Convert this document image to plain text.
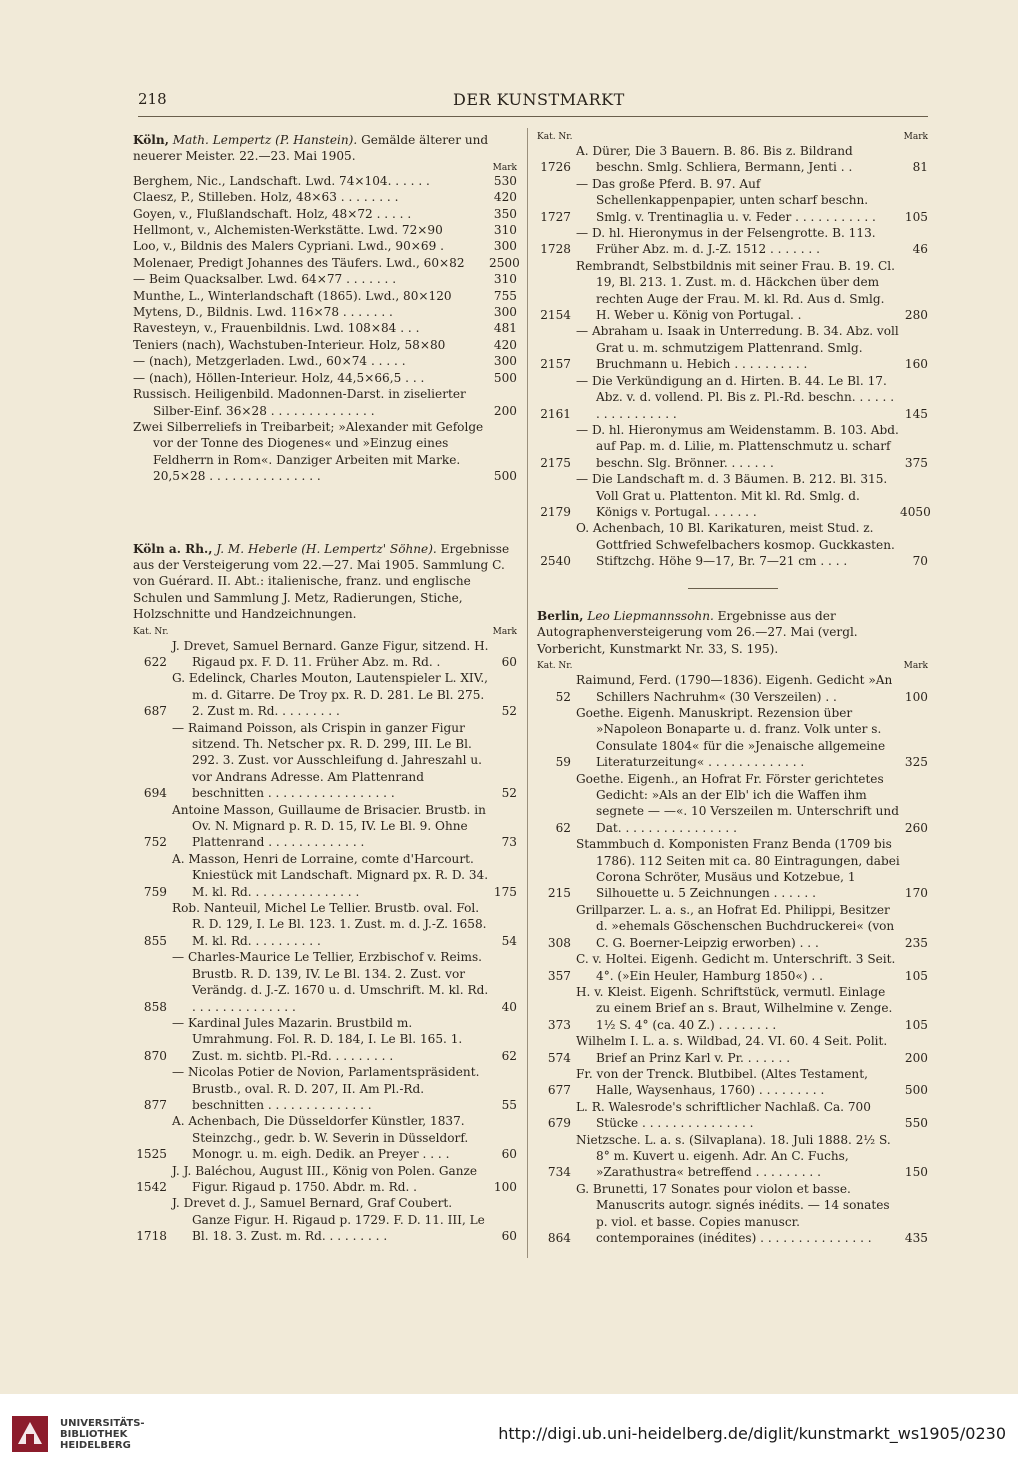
218	DER KUNSTMARKT
Köln, Math. Lempertz (P. Hanstein). Gemälde älterer und neuerer Meister. 22.—23. Mai 1905.
Mark
Berghem, Nic., Landschaft. Lwd. 74×104. . . . . .	530
Claesz, P., Stilleben. Holz, 48×63 . . . . . . . .	420
Goyen, v., Flußlandschaft. Holz, 48×72 . . . . .	350
Hellmont, v., Alchemisten-Werkstätte. Lwd. 72×90	310
Loo, v., Bildnis des Malers Cypriani. Lwd., 90×69 .	300
Molenaer, Predigt Johannes des Täufers. Lwd., 60×82	2500
— Beim Quacksalber. Lwd. 64×77 . . . . . . .	310
Munthe, L., Winterlandschaft (1865). Lwd., 80×120	755
Mytens, D., Bildnis. Lwd. 116×78 . . . . . . .	300
Ravesteyn, v., Frauenbildnis. Lwd. 108×84 . . .	481
Teniers (nach), Wachstuben-Interieur. Holz, 58×80	420
— (nach), Metzgerladen. Lwd., 60×74 . . . . .	300
— (nach), Höllen-Interieur. Holz, 44,5×66,5 . . .	500
Russisch. Heiligenbild. Madonnen-Darst. in ziselierter Silber-Einf. 36×28 . . . . . . . . . . . . . .	200
Zwei Silberreliefs in Treibarbeit; »Alexander mit Gefolge vor der Tonne des Diogenes« und »Einzug eines Feldherrn in Rom«. Danziger Arbeiten mit Marke. 20,5×28 . . . . . . . . . . . . . . .	500
Köln a. Rh., J. M. Heberle (H. Lempertz' Söhne). Ergebnisse aus der Versteigerung vom 22.—27. Mai 1905. Sammlung C. von Guérard. II. Abt.: italienische, franz. und englische Schulen und Sammlung J. Metz, Radierungen, Stiche, Holzschnitte und Handzeichnungen.
Kat. Nr.	Mark
622
J. Drevet, Samuel Bernard. Ganze Figur, sitzend. H. Rigaud px. F. D. 11. Früher Abz. m. Rd. .	60
687
G. Edelinck, Charles Mouton, Lautenspieler L. XIV., m. d. Gitarre. De Troy px. R. D. 281. Le Bl. 275. 2. Zust m. Rd. . . . . . . . .	52
694
— Raimand Poisson, als Crispin in ganzer Figur sitzend. Th. Netscher px. R. D. 299, III. Le Bl. 292. 3. Zust. vor Ausschleifung d. Jahreszahl u. vor Andrans Adresse. Am Plattenrand beschnitten . . . . . . . . . . . . . . . . .	52
752
Antoine Masson, Guillaume de Brisacier. Brustb. in Ov. N. Mignard p. R. D. 15, IV. Le Bl. 9. Ohne Plattenrand . . . . . . . . . . . . .	73
759
A. Masson, Henri de Lorraine, comte d'Harcourt. Kniestück mit Landschaft. Mignard px. R. D. 34. M. kl. Rd. . . . . . . . . . . . . . .	175
855
Rob. Nanteuil, Michel Le Tellier. Brustb. oval. Fol. R. D. 129, I. Le Bl. 123. 1. Zust. m. d. J.-Z. 1658. M. kl. Rd. . . . . . . . . .	54
858
— Charles-Maurice Le Tellier, Erzbischof v. Reims. Brustb. R. D. 139, IV. Le Bl. 134. 2. Zust. vor Verändg. d. J.-Z. 1670 u. d. Umschrift. M. kl. Rd. . . . . . . . . . . . . . .	40
870
— Kardinal Jules Mazarin. Brustbild m. Umrahmung. Fol. R. D. 184, I. Le Bl. 165. 1. Zust. m. sichtb. Pl.-Rd. . . . . . . . .	62
877
— Nicolas Potier de Novion, Parlamentspräsident. Brustb., oval. R. D. 207, II. Am Pl.-Rd. beschnitten . . . . . . . . . . . . . .	55
1525
A. Achenbach, Die Düsseldorfer Künstler, 1837. Steinzchg., gedr. b. W. Severin in Düsseldorf. Monogr. u. m. eigh. Dedik. an Preyer . . . .	60
1542
J. J. Baléchou, August III., König von Polen. Ganze Figur. Rigaud p. 1750. Abdr. m. Rd. .	100
1718
J. Drevet d. J., Samuel Bernard, Graf Coubert. Ganze Figur. H. Rigaud p. 1729. F. D. 11. III, Le Bl. 18. 3. Zust. m. Rd. . . . . . . . .	60
Kat. Nr.	Mark
1726
A. Dürer, Die 3 Bauern. B. 86. Bis z. Bildrand beschn. Smlg. Schliera, Bermann, Jenti . .	81
1727
— Das große Pferd. B. 97. Auf Schellenkappenpapier, unten scharf beschn. Smlg. v. Trentinaglia u. v. Feder . . . . . . . . . . .	105
1728
— D. hl. Hieronymus in der Felsengrotte. B. 113. Früher Abz. m. d. J.-Z. 1512 . . . . . . .	46
2154
Rembrandt, Selbstbildnis mit seiner Frau. B. 19. Cl. 19, Bl. 213. 1. Zust. m. d. Häckchen über dem rechten Auge der Frau. M. kl. Rd. Aus d. Smlg. H. Weber u. König von Portugal. .	280
2157
— Abraham u. Isaak in Unterredung. B. 34. Abz. voll Grat u. m. schmutzigem Plattenrand. Smlg. Bruchmann u. Hebich . . . . . . . . . .	160
2161
— Die Verkündigung an d. Hirten. B. 44. Le Bl. 17. Abz. v. d. vollend. Pl. Bis z. Pl.-Rd. beschn. . . . . . . . . . . . . . . . .	145
2175
— D. hl. Hieronymus am Weidenstamm. B. 103. Abd. auf Pap. m. d. Lilie, m. Plattenschmutz u. scharf beschn. Slg. Brönner. . . . . . .	375
2179
— Die Landschaft m. d. 3 Bäumen. B. 212. Bl. 315. Voll Grat u. Plattenton. Mit kl. Rd. Smlg. d. Königs v. Portugal. . . . . . .	4050
2540
O. Achenbach, 10 Bl. Karikaturen, meist Stud. z. Gottfried Schwefelbachers kosmop. Guckkasten. Stiftzchg. Höhe 9—17, Br. 7—21 cm . . . .	70
Berlin, Leo Liepmannssohn. Ergebnisse aus der Autographenversteigerung vom 26.—27. Mai (vergl. Vorbericht, Kunstmarkt Nr. 33, S. 195).
Kat. Nr.	Mark
52
Raimund, Ferd. (1790—1836). Eigenh. Gedicht »An Schillers Nachruhm« (30 Verszeilen) . .	100
59
Goethe. Eigenh. Manuskript. Rezension über »Napoleon Bonaparte u. d. franz. Volk unter s. Consulate 1804« für die »Jenaische allgemeine Literaturzeitung« . . . . . . . . . . . . .	325
62
Goethe. Eigenh., an Hofrat Fr. Förster gerichtetes Gedicht: »Als an der Elb' ich die Waffen ihm segnete — —«. 10 Verszeilen m. Unterschrift und Dat. . . . . . . . . . . . . . . .	260
215
Stammbuch d. Komponisten Franz Benda (1709 bis 1786). 112 Seiten mit ca. 80 Eintragungen, dabei Corona Schröter, Musäus und Kotzebue, 1 Silhouette u. 5 Zeichnungen . . . . . .	170
308
Grillparzer. L. a. s., an Hofrat Ed. Philippi, Besitzer d. »ehemals Göschenschen Buchdruckerei« (von C. G. Boerner-Leipzig erworben) . . .	235
357
C. v. Holtei. Eigenh. Gedicht m. Unterschrift. 3 Seit. 4°. (»Ein Heuler, Hamburg 1850«) . .	105
373
H. v. Kleist. Eigenh. Schriftstück, vermutl. Einlage zu einem Brief an s. Braut, Wilhelmine v. Zenge. 1½ S. 4° (ca. 40 Z.) . . . . . . . .	105
574
Wilhelm I. L. a. s. Wildbad, 24. VI. 60. 4 Seit. Polit. Brief an Prinz Karl v. Pr. . . . . . .	200
677
Fr. von der Trenck. Blutbibel. (Altes Testament, Halle, Waysenhaus, 1760) . . . . . . . . .	500
679
L. R. Walesrode's schriftlicher Nachlaß. Ca. 700 Stücke . . . . . . . . . . . . . . .	550
734
Nietzsche. L. a. s. (Silvaplana). 18. Juli 1888. 2½ S. 8° m. Kuvert u. eigenh. Adr. An C. Fuchs, »Zarathustra« betreffend . . . . . . . . .	150
864
G. Brunetti, 17 Sonates pour violon et basse. Manuscrits autogr. signés inédits. — 14 sonates p. viol. et basse. Copies manuscr. contemporaines (inédites) . . . . . . . . . . . . . . .	435
UNIVERSITÄTS-
BIBLIOTHEK
HEIDELBERG
http://digi.ub.uni-heidelberg.de/diglit/kunstmarkt_ws1905/0230
